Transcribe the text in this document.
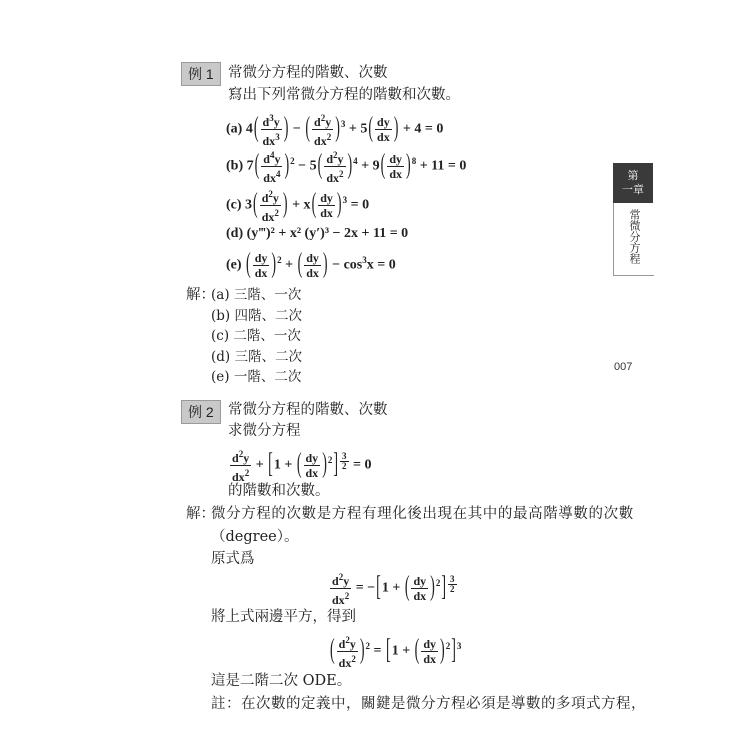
例 1 常微分方程的階數、次數
寫出下列常微分方程的階數和次數。
(a) $4( \frac{d^3y}{dx^3}$ ) − ( $\frac{d^2y}{dx^2} )^3 + 5( \frac{dy}{dx}$ ) + 4 = 0
(b) $7( \frac{d^4y}{dx^4} )^2 - 5( \frac{d^2y}{dx^2} )^4 + 9( \frac{dy}{dx} )^8 + 11 = 0$
(c) $3( \frac{d^2y}{dx^2}$ ) + $x( \frac{dy}{dx} )^3 = 0$
(d) (y‴)² + x² (y′)³ − 2x + 11 = 0
(e) ( $\frac{dy}{dx} )^2$ + ( $\frac{dy}{dx}$ ) − $\cos^3x = 0$
解：
(a) 三階、一次
(b) 四階、二次
(c) 二階、一次
(d) 三階、二次
(e) 一階、二次
例 2 常微分方程的階數、次數
求微分方程
$\frac{d^2y}{dx^2} + [1$ + ( $\frac{dy}{dx} )^2$] $^{\frac{3}{2}}$ = 0
的階數和次數。
解：
微分方程的次數是方程有理化後出現在其中的最高階導數的次數
（degree）。
原式爲
$\frac{d^2y}{dx^2} = -[1$ + ( $\frac{dy}{dx} )^2$] $^{\frac{3}{2}}$
將上式兩邊平方，得到
( $\frac{d^2y}{dx^2} )^2 = [1$ + ( $\frac{dy}{dx} )^2]^3$
這是二階二次 ODE。
註：在次數的定義中，關鍵是微分方程必須是導數的多項式方程，
第
一章
常微分方程
007
